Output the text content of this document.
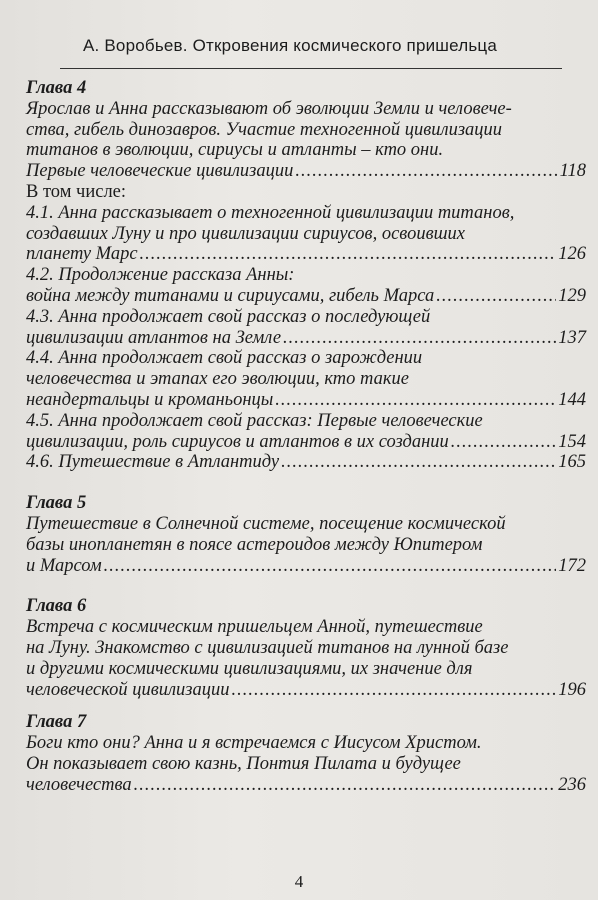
А. Воробьев. Откровения космического пришельца
Глава 4
Ярослав и Анна рассказывают об эволюции Земли и человече-
ства, гибель динозавров. Участие техногенной цивилизации
титанов в эволюции, сириусы и атланты – кто они.
Первые человеческие цивилизации .....	118
В том числе:
4.1. Анна рассказывает о техногенной цивилизации титанов,
создавших Луну и про цивилизации сириусов, освоивших
планету Марс .....	126
4.2. Продолжение рассказа Анны:
война между титанами и сириусами, гибель Марса .....	129
4.3. Анна продолжает свой рассказ о последующей
цивилизации атлантов на Земле .....	137
4.4. Анна продолжает свой рассказ о зарождении
человечества и этапах его эволюции, кто такие
неандертальцы и кроманьонцы .....	144
4.5. Анна продолжает свой рассказ: Первые человеческие
цивилизации, роль сириусов и атлантов в их создании .....	154
4.6. Путешествие в Атлантиду .....	165
Глава 5
Путешествие в Солнечной системе, посещение космической
базы инопланетян в поясе астероидов между Юпитером
и Марсом .....	172
Глава 6
Встреча с космическим пришельцем Анной, путешествие
на Луну. Знакомство с цивилизацией титанов на лунной базе
и другими космическими цивилизациями, их значение для
человеческой цивилизации .....	196
Глава 7
Боги кто они? Анна и я встречаемся с Иисусом Христом.
Он показывает свою казнь, Понтия Пилата и будущее
человечества .....	236
4
